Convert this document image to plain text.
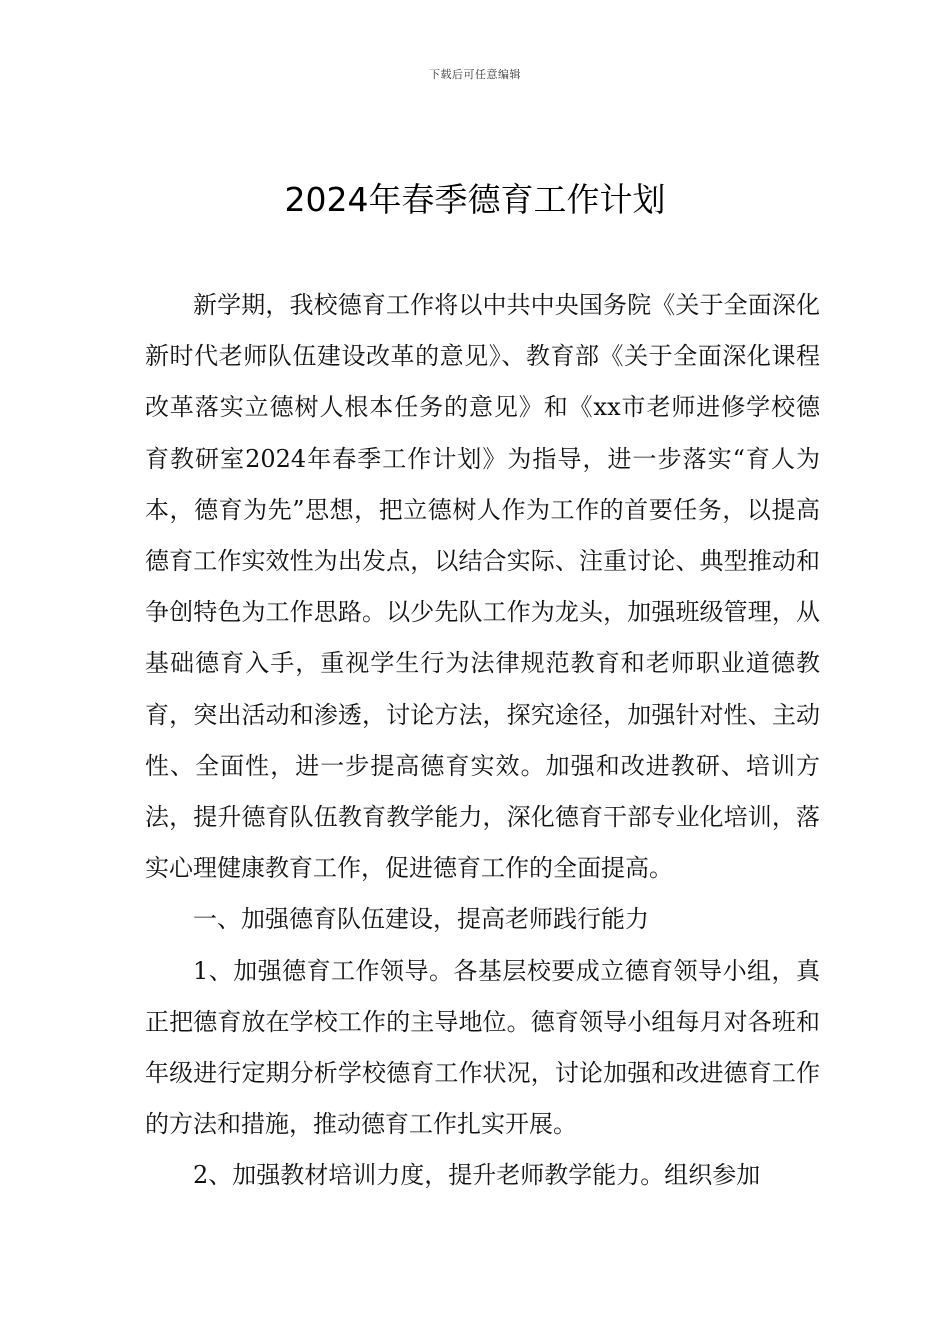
下载后可任意编辑
2024年春季德育工作计划

新学期，我校德育工作将以中共中央国务院《关于全面深化新时代老师队伍建设改革的意见》、教育部《关于全面深化课程改革落实立德树人根本任务的意见》和《xx市老师进修学校德育教研室2024年春季工作计划》为指导，进一步落实“育人为本，德育为先”思想，把立德树人作为工作的首要任务，以提高德育工作实效性为出发点，以结合实际、注重讨论、典型推动和争创特色为工作思路。以少先队工作为龙头，加强班级管理，从基础德育入手，重视学生行为法律规范教育和老师职业道德教育，突出活动和渗透，讨论方法，探究途径，加强针对性、主动性、全面性，进一步提高德育实效。加强和改进教研、培训方法，提升德育队伍教育教学能力，深化德育干部专业化培训，落实心理健康教育工作，促进德育工作的全面提高。

一、加强德育队伍建设，提高老师践行能力

1、加强德育工作领导。各基层校要成立德育领导小组，真正把德育放在学校工作的主导地位。德育领导小组每月对各班和年级进行定期分析学校德育工作状况，讨论加强和改进德育工作的方法和措施，推动德育工作扎实开展。

2、加强教材培训力度，提升老师教学能力。组织参加
